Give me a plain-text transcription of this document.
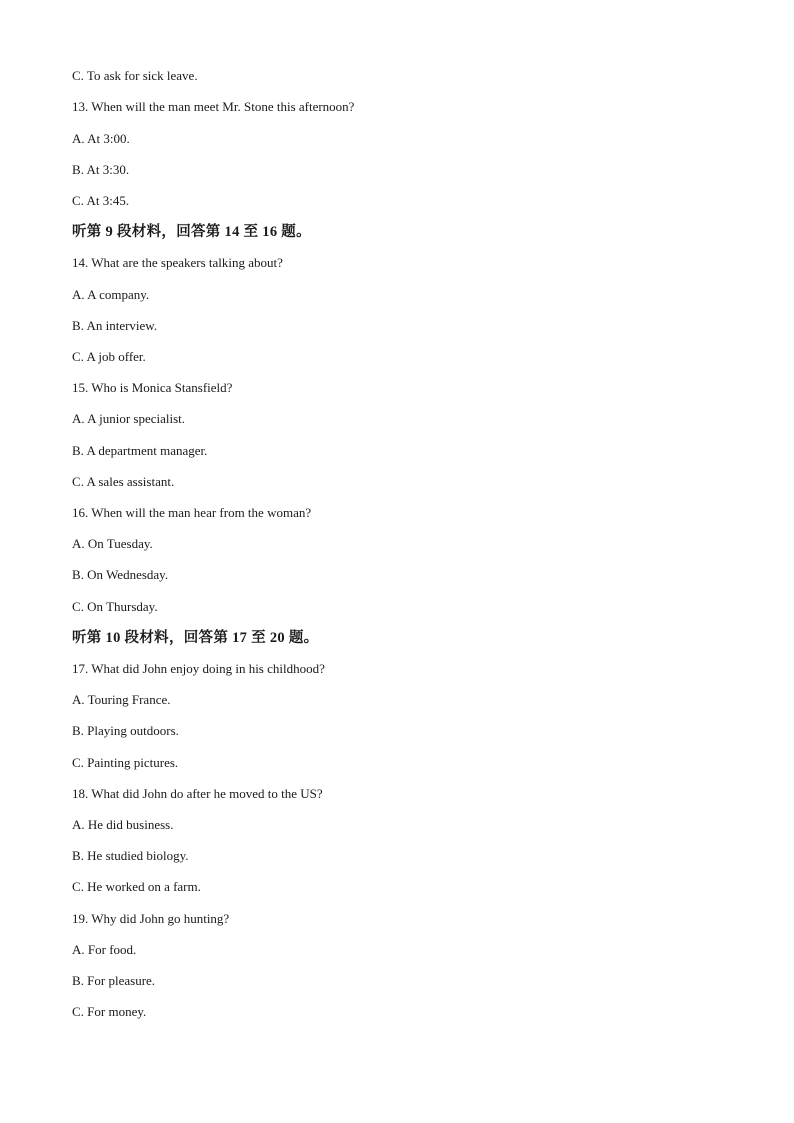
C. To ask for sick leave.
13. When will the man meet Mr. Stone this afternoon?
A. At 3:00.
B. At 3:30.
C. At 3:45.
听第 9 段材料，回答第 14 至 16 题。
14. What are the speakers talking about?
A. A company.
B. An interview.
C. A job offer.
15. Who is Monica Stansfield?
A. A junior specialist.
B. A department manager.
C. A sales assistant.
16. When will the man hear from the woman?
A. On Tuesday.
B. On Wednesday.
C. On Thursday.
听第 10 段材料，回答第 17 至 20 题。
17. What did John enjoy doing in his childhood?
A. Touring France.
B. Playing outdoors.
C. Painting pictures.
18. What did John do after he moved to the US?
A. He did business.
B. He studied biology.
C. He worked on a farm.
19. Why did John go hunting?
A. For food.
B. For pleasure.
C. For money.
